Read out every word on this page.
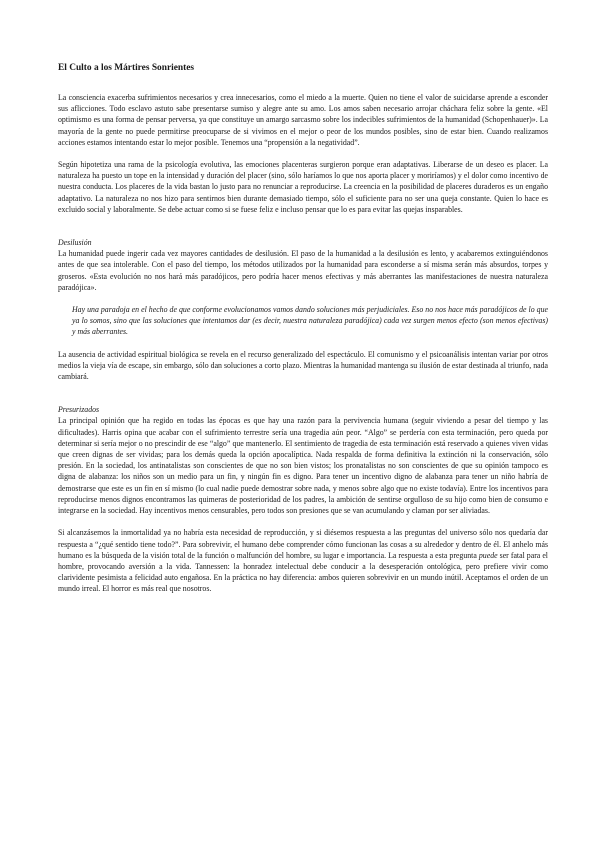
El Culto a los Mártires Sonrientes

La consciencia exacerba sufrimientos necesarios y crea innecesarios, como el miedo a la muerte. Quien no tiene el valor de suicidarse aprende a esconder sus aflicciones. Todo esclavo astuto sabe presentarse sumiso y alegre ante su amo. Los amos saben necesario arrojar cháchara feliz sobre la gente. «El optimismo es una forma de pensar perversa, ya que constituye un amargo sarcasmo sobre los indecibles sufrimientos de la humanidad (Schopenhauer)». La mayoría de la gente no puede permitirse preocuparse de si vivimos en el mejor o peor de los mundos posibles, sino de estar bien. Cuando realizamos acciones estamos intentando estar lo mejor posible. Tenemos una “propensión a la negatividad”.

Según hipotetiza una rama de la psicología evolutiva, las emociones placenteras surgieron porque eran adaptativas. Liberarse de un deseo es placer. La naturaleza ha puesto un tope en la intensidad y duración del placer (sino, sólo haríamos lo que nos aporta placer y moriríamos) y el dolor como incentivo de nuestra conducta. Los placeres de la vida bastan lo justo para no renunciar a reproducirse. La creencia en la posibilidad de placeres duraderos es un engaño adaptativo. La naturaleza no nos hizo para sentirnos bien durante demasiado tiempo, sólo el suficiente para no ser una queja constante. Quien lo hace es excluido social y laboralmente. Se debe actuar como si se fuese feliz e incluso pensar que lo es para evitar las quejas insparables.

Desilusión

La humanidad puede ingerir cada vez mayores cantidades de desilusión. El paso de la humanidad a la desilusión es lento, y acabaremos extinguiéndonos antes de que sea intolerable. Con el paso del tiempo, los métodos utilizados por la humanidad para esconderse a sí misma serán más absurdos, torpes y groseros. «Esta evolución no nos hará más paradójicos, pero podría hacer menos efectivas y más aberrantes las manifestaciones de nuestra naturaleza paradójica».

Hay una paradoja en el hecho de que conforme evolucionamos vamos dando soluciones más perjudiciales. Eso no nos hace más paradójicos de lo que ya lo somos, sino que las soluciones que intentamos dar (es decir, nuestra naturaleza paradójica) cada vez surgen menos efecto (son menos efectivas) y más aberrantes.

La ausencia de actividad espiritual biológica se revela en el recurso generalizado del espectáculo. El comunismo y el psicoanálisis intentan variar por otros medios la vieja vía de escape, sin embargo, sólo dan soluciones a corto plazo. Mientras la humanidad mantenga su ilusión de estar destinada al triunfo, nada cambiará.

Presurizados

La principal opinión que ha regido en todas las épocas es que hay una razón para la pervivencia humana (seguir viviendo a pesar del tiempo y las dificultades). Harris opina que acabar con el sufrimiento terrestre sería una tragedia aún peor. “Algo” se perdería con esta terminación, pero queda por determinar si sería mejor o no prescindir de ese “algo” que mantenerlo. El sentimiento de tragedia de esta terminación está reservado a quienes viven vidas que creen dignas de ser vividas; para los demás queda la opción apocalíptica. Nada respalda de forma definitiva la extinción ni la conservación, sólo presión. En la sociedad, los antinatalistas son conscientes de que no son bien vistos; los pronatalistas no son conscientes de que su opinión tampoco es digna de alabanza: los niños son un medio para un fin, y ningún fin es digno. Para tener un incentivo digno de alabanza para tener un niño habría de demostrarse que este es un fin en sí mismo (lo cual nadie puede demostrar sobre nada, y menos sobre algo que no existe todavía). Entre los incentivos para reproducirse menos dignos encontramos las quimeras de posterioridad de los padres, la ambición de sentirse orgulloso de su hijo como bien de consumo e integrarse en la sociedad. Hay incentivos menos censurables, pero todos son presiones que se van acumulando y claman por ser aliviadas.

Si alcanzásemos la inmortalidad ya no habría esta necesidad de reproducción, y si diésemos respuesta a las preguntas del universo sólo nos quedaría dar respuesta a “¿qué sentido tiene todo?”. Para sobrevivir, el humano debe comprender cómo funcionan las cosas a su alrededor y dentro de él. El anhelo más humano es la búsqueda de la visión total de la función o malfunción del hombre, su lugar e importancia. La respuesta a esta pregunta puede ser fatal para el hombre, provocando aversión a la vida. Tannessen: la honradez intelectual debe conducir a la desesperación ontológica, pero prefiere vivir como clarividente pesimista a felicidad auto engañosa. En la práctica no hay diferencia: ambos quieren sobrevivir en un mundo inútil. Aceptamos el orden de un mundo irreal. El horror es más real que nosotros.
